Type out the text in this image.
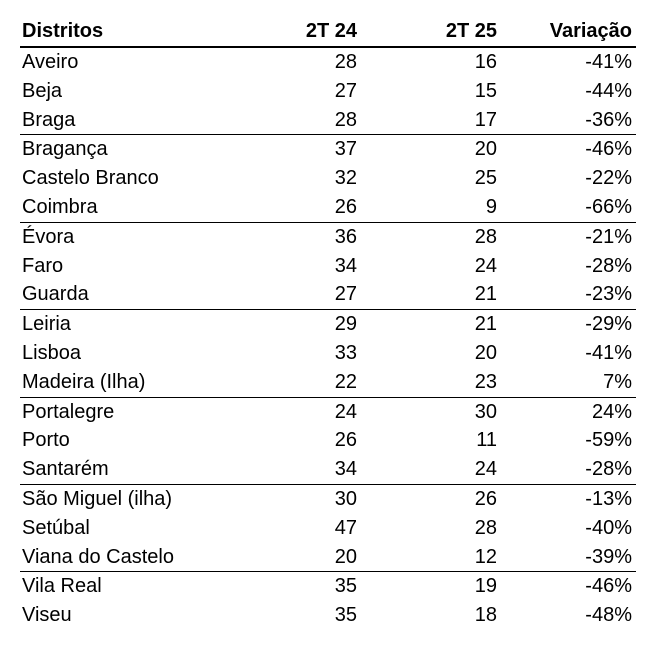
Distritos	2T 24	2T 25	Variação
Aveiro	28	16	-41%
Beja	27	15	-44%
Braga	28	17	-36%
Bragança	37	20	-46%
Castelo Branco	32	25	-22%
Coimbra	26	9	-66%
Évora	36	28	-21%
Faro	34	24	-28%
Guarda	27	21	-23%
Leiria	29	21	-29%
Lisboa	33	20	-41%
Madeira (Ilha)	22	23	7%
Portalegre	24	30	24%
Porto	26	11	-59%
Santarém	34	24	-28%
São Miguel (ilha)	30	26	-13%
Setúbal	47	28	-40%
Viana do Castelo	20	12	-39%
Vila Real	35	19	-46%
Viseu	35	18	-48%
